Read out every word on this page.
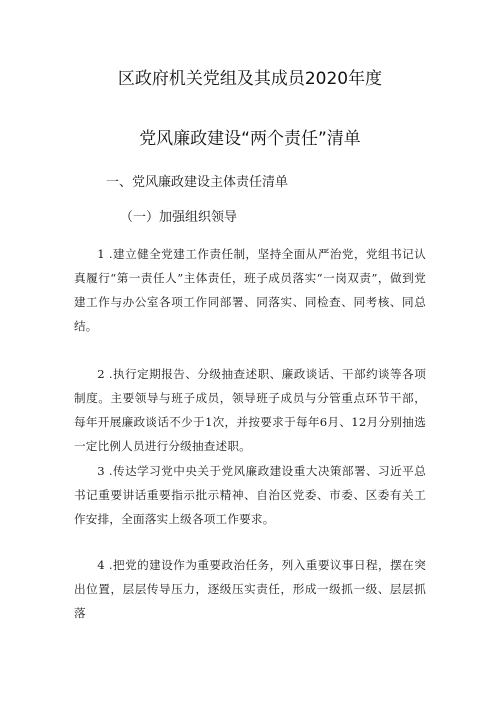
区政府机关党组及其成员2020年度
党风廉政建设“两个责任”清单
一、党风廉政建设主体责任清单
（一）加强组织领导
1 .建立健全党建工作责任制，坚持全面从严治党，党组书记认真履行“第一责任人”主体责任，班子成员落实“一岗双责”，做到党建工作与办公室各项工作同部署、同落实、同检查、同考核、同总结。
2 .执行定期报告、分级抽查述职、廉政谈话、干部约谈等各项制度。主要领导与班子成员，领导班子成员与分管重点环节干部，每年开展廉政谈话不少于1次，并按要求于每年6月、12月分别抽选一定比例人员进行分级抽查述职。
3 .传达学习党中央关于党风廉政建设重大决策部署、习近平总书记重要讲话重要指示批示精神、自治区党委、市委、区委有关工作安排，全面落实上级各项工作要求。
4 .把党的建设作为重要政治任务，列入重要议事日程，摆在突出位置，层层传导压力，逐级压实责任，形成一级抓一级、层层抓落
